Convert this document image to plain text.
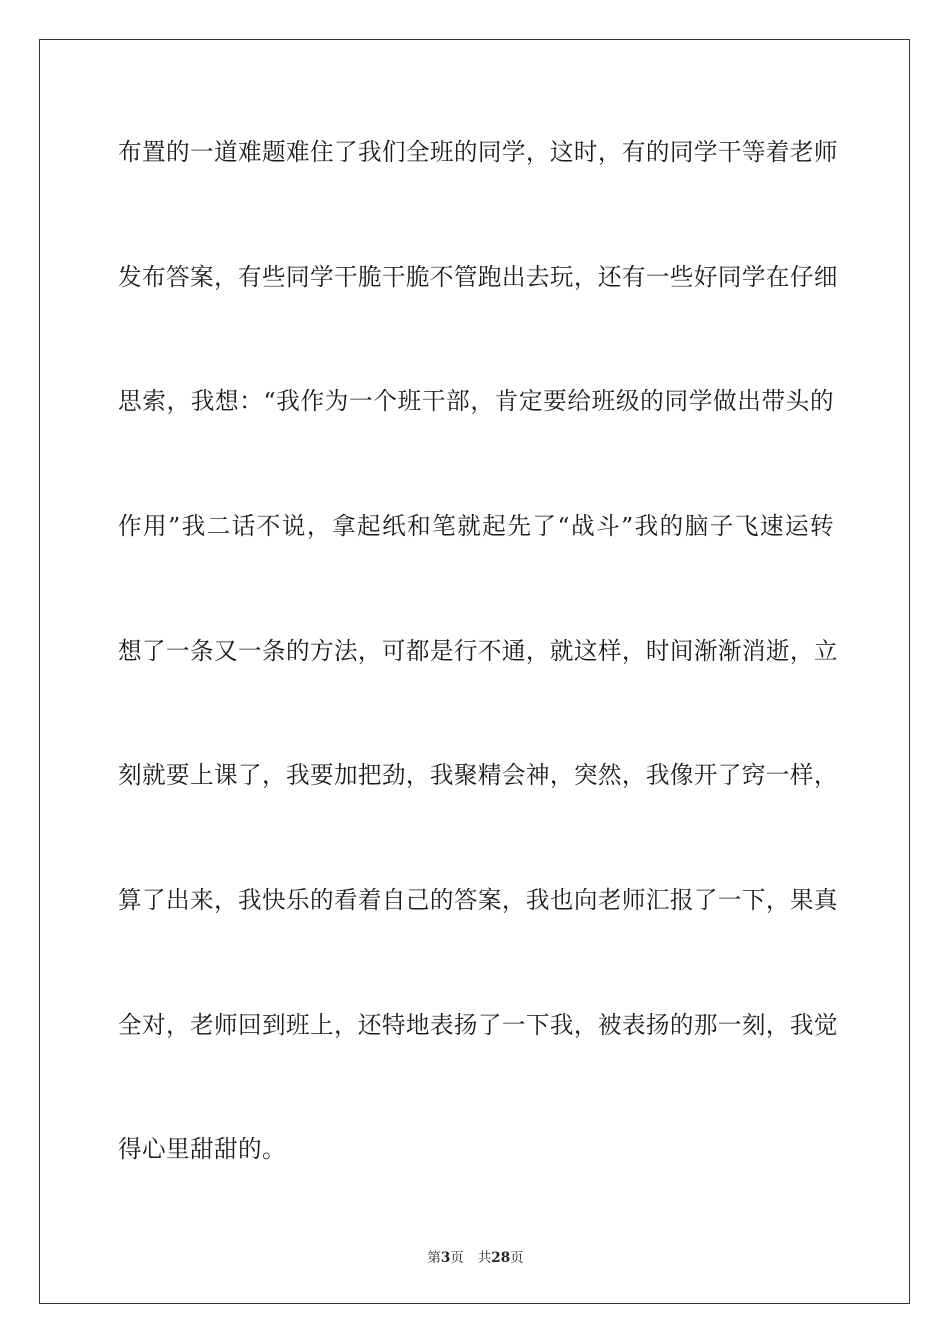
布置的一道难题难住了我们全班的同学，这时，有的同学干等着老师
发布答案，有些同学干脆干脆不管跑出去玩，还有一些好同学在仔细
思索，我想：“我作为一个班干部，肯定要给班级的同学做出带头的
作用”我二话不说，拿起纸和笔就起先了“战斗”我的脑子飞速运转
想了一条又一条的方法，可都是行不通，就这样，时间渐渐消逝，立
刻就要上课了，我要加把劲，我聚精会神，突然，我像开了窍一样，
算了出来，我快乐的看着自己的答案，我也向老师汇报了一下，果真
全对，老师回到班上，还特地表扬了一下我，被表扬的那一刻，我觉
得心里甜甜的。
第3页 共28页
